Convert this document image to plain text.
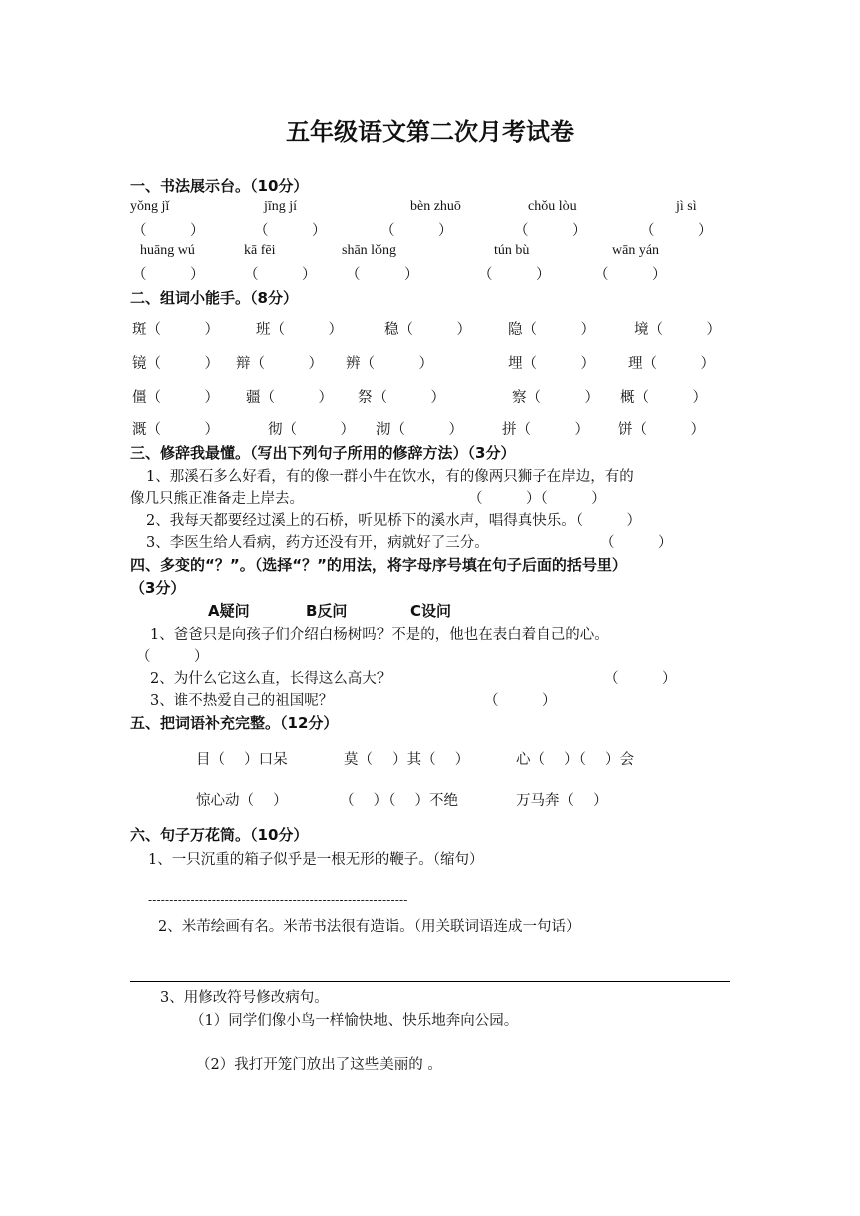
五年级语文第二次月考试卷
一、书法展示台。（10分）
yǒng jǐ	jīng jí	bèn zhuō	chǒu lòu	jì sì
（　　　）	（　　　）	（　　　）	（　　　）	（　　　）
huāng wú	kā fēi	shān lǒng	tún bù	wān yán
（　　　）	（　　　） （　　　）	（　　　）	（　　　）
二、组词小能手。（8分）
斑（　　　）	班（　　　）	稳（　　　）	隐（　　　）	境（　　　）
镜（　　　） 辩（　　　） 辨（　　　）	埋（　　　） 理（　　　）
僵（　　　） 疆（　　　） 祭（　　　）	察（　　　） 概（　　　）
溉（　　　）	彻（　　　） 沏（　　　）	拼（　　　） 饼（　　　）
三、修辞我最懂。（写出下列句子所用的修辞方法）（3分）
1、那溪石多么好看，有的像一群小牛在饮水，有的像两只狮子在岸边，有的
像几只熊正准备走上岸去。	（　　　）（　　　）
2、我每天都要经过溪上的石桥，听见桥下的溪水声，唱得真快乐。（　　　）
3、李医生给人看病，药方还没有开，病就好了三分。	（　　　）
四、多变的“？”。（选择“？”的用法，将字母序号填在句子后面的括号里）
（3分）
A疑问	B反问	C设问
1、爸爸只是向孩子们介绍白杨树吗？不是的，他也在表白着自己的心。
（　　　）
2、为什么它这么直，长得这么高大？	（　　　）
3、谁不热爱自己的祖国呢？	（　　　）
五、把词语补充完整。（12分）
目（　 ）口呆	莫（　 ）其（　 ）	心（　 ）（　 ）会
惊心动（　 ）	（　 ）（　 ）不绝	万马奔（　 ）
六、句子万花筒。（10分）
1、一只沉重的箱子似乎是一根无形的鞭子。（缩句）
-------------------------------------------------------------
2、米芾绘画有名。米芾书法很有造诣。（用关联词语连成一句话）
3、用修改符号修改病句。
（1）同学们像小鸟一样愉快地、快乐地奔向公园。
（2）我打开笼门放出了这些美丽的 。
